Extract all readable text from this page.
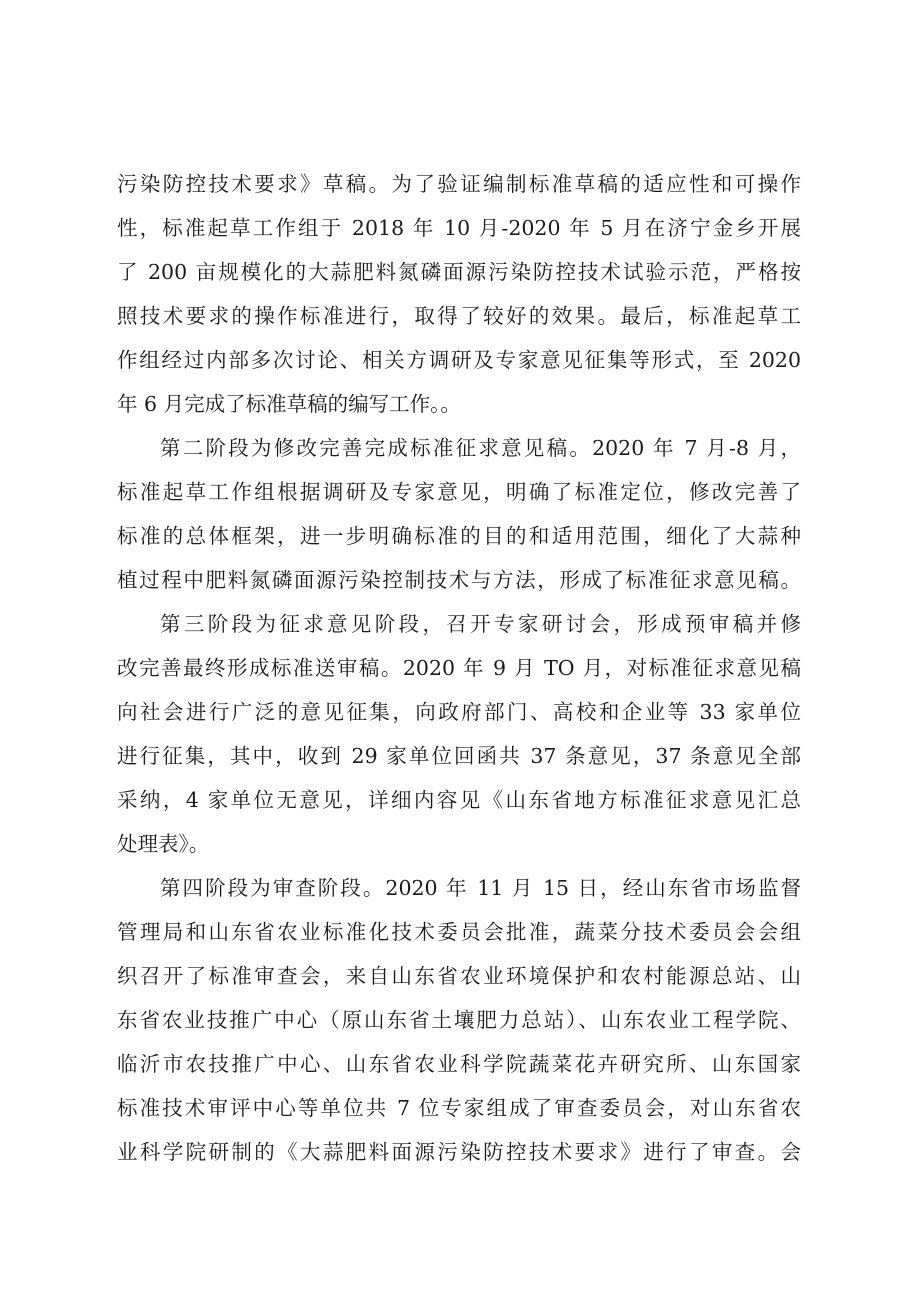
污染防控技术要求》草稿。为了验证编制标准草稿的适应性和可操作
性，标准起草工作组于 2018 年 10 月-2020 年 5 月在济宁金乡开展
了 200 亩规模化的大蒜肥料氮磷面源污染防控技术试验示范，严格按
照技术要求的操作标准进行，取得了较好的效果。最后，标准起草工
作组经过内部多次讨论、相关方调研及专家意见征集等形式，至 2020
年 6 月完成了标准草稿的编写工作。。
第二阶段为修改完善完成标准征求意见稿。2020 年 7 月-8 月，
标准起草工作组根据调研及专家意见，明确了标准定位，修改完善了
标准的总体框架，进一步明确标准的目的和适用范围，细化了大蒜种
植过程中肥料氮磷面源污染控制技术与方法，形成了标准征求意见稿。
第三阶段为征求意见阶段，召开专家研讨会，形成预审稿并修
改完善最终形成标准送审稿。2020 年 9 月 TO 月，对标准征求意见稿
向社会进行广泛的意见征集，向政府部门、高校和企业等 33 家单位
进行征集，其中，收到 29 家单位回函共 37 条意见，37 条意见全部
采纳，4 家单位无意见，详细内容见《山东省地方标准征求意见汇总
处理表》。
第四阶段为审查阶段。2020 年 11 月 15 日，经山东省市场监督
管理局和山东省农业标准化技术委员会批准，蔬菜分技术委员会会组
织召开了标准审查会，来自山东省农业环境保护和农村能源总站、山
东省农业技推广中心（原山东省土壤肥力总站）、山东农业工程学院、
临沂市农技推广中心、山东省农业科学院蔬菜花卉研究所、山东国家
标准技术审评中心等单位共 7 位专家组成了审查委员会，对山东省农
业科学院研制的《大蒜肥料面源污染防控技术要求》进行了审查。会
